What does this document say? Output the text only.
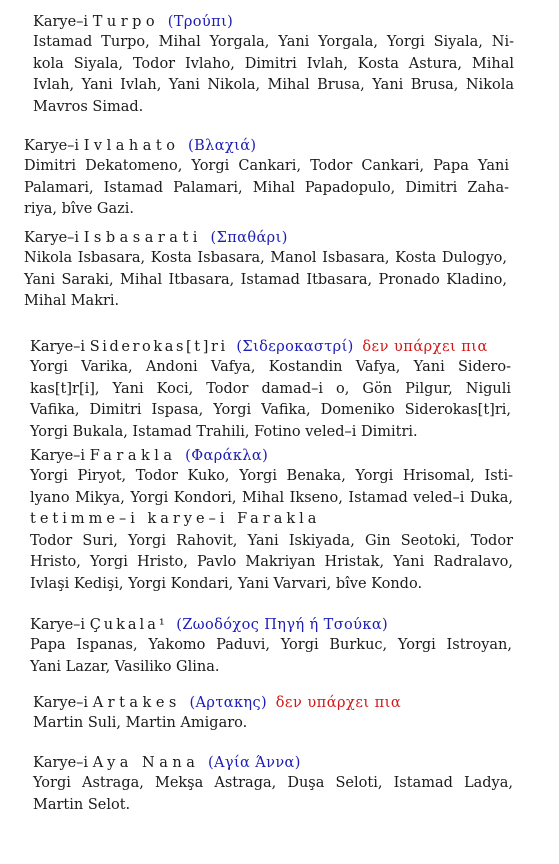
Karye–i Turpo (Τρούπι)
Istamad Turpo, Mihal Yorgala, Yani Yorgala, Yorgi Siyala, Ni-
kola Siyala, Todor Ivlaho, Dimitri Ivlah, Kosta Astura, Mihal
Ivlah, Yani Ivlah, Yani Nikola, Mihal Brusa, Yani Brusa, Nikola
Mavros Simad.
Karye–i Ivlahato (Βλαχιά)
Dimitri Dekatomeno, Yorgi Cankari, Todor Cankari, Papa Yani
Palamari, Istamad Palamari, Mihal Papadopulo, Dimitri Zaha-
riya, bîve Gazi.
Karye–i Isbasarati (Σπαθάρι)
Nikola Isbasara, Kosta Isbasara, Manol Isbasara, Kosta Dulogyo,
Yani Saraki, Mihal Itbasara, Istamad Itbasara, Pronado Kladino,
Mihal Makri.
Karye–i Siderokas[t]ri (Σιδεροκαστρί) δεν υπάρχει πια
Yorgi Varika, Andoni Vafya, Kostandin Vafya, Yani Sidero-
kas[t]r[i], Yani Koci, Todor damad–i o, Gön Pilgur, Niguli
Vafika, Dimitri Ispasa, Yorgi Vafika, Domeniko Siderokas[t]ri,
Yorgi Bukala, Istamad Trahili, Fotino veled–i Dimitri.
Karye–i Farakla (Φαράκλα)
Yorgi Piryot, Todor Kuko, Yorgi Benaka, Yorgi Hrisomal, Isti-
lyano Mikya, Yorgi Kondori, Mihal Ikseno, Istamad veled–i Duka,
tetimme–i karye–i Farakla
Todor Suri, Yorgi Rahovit, Yani Iskiyada, Gin Seotoki, Todor
Hristo, Yorgi Hristo, Pavlo Makriyan Hristak, Yani Radralavo,
Ivlaşi Kedişi, Yorgi Kondari, Yani Varvari, bîve Kondo.
Karye–i Çukala¹ (Ζωοδόχος Πηγή ή Τσούκα)
Papa Ispanas, Yakomo Paduvi, Yorgi Burkuc, Yorgi Istroyan,
Yani Lazar, Vasiliko Glina.
Karye–i Artakes (Αρτακης) δεν υπάρχει πια
Martin Suli, Martin Amigaro.
Karye–i Aya Nana (Αγία Άννα)
Yorgi Astraga, Mekşa Astraga, Duşa Seloti, Istamad Ladya,
Martin Selot.
